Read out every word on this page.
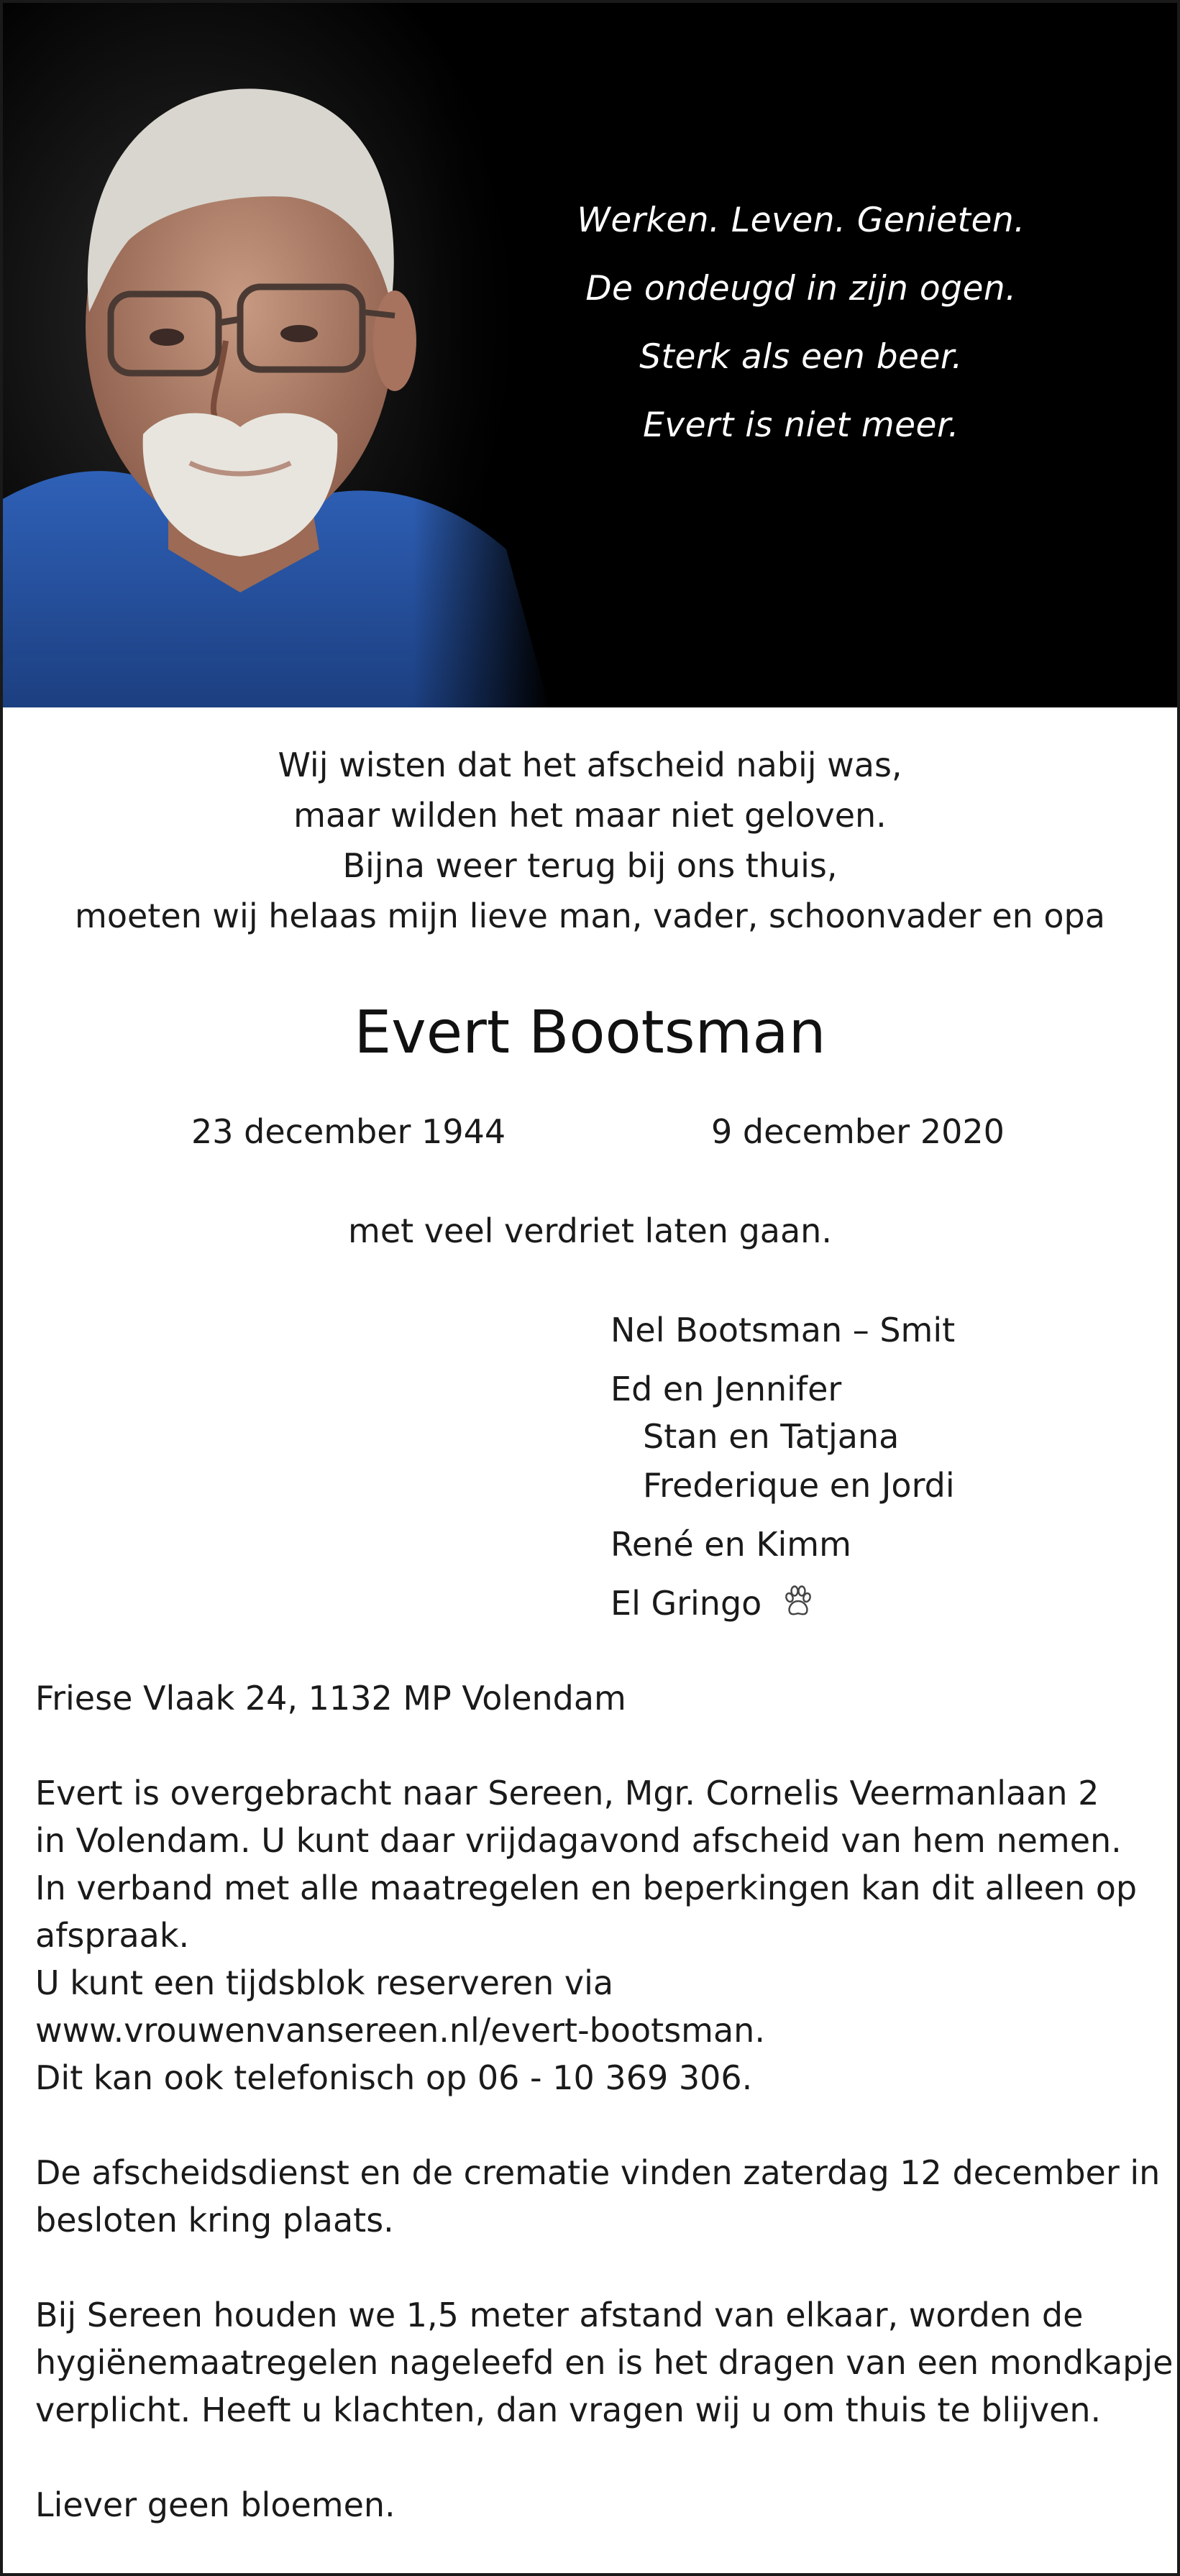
Werken. Leven. Genieten.
De ondeugd in zijn ogen.
Sterk als een beer.
Evert is niet meer.
Wij wisten dat het afscheid nabij was,
maar wilden het maar niet geloven.
Bijna weer terug bij ons thuis,
moeten wij helaas mijn lieve man, vader, schoonvader en opa
Evert Bootsman
23 december 1944	9 december 2020
met veel verdriet laten gaan.
Nel Bootsman – Smit
Ed en Jennifer
Stan en Tatjana
Frederique en Jordi
René en Kimm
El Gringo
Friese Vlaak 24, 1132 MP Volendam
Evert is overgebracht naar Sereen, Mgr. Cornelis Veermanlaan 2
in Volendam. U kunt daar vrijdagavond afscheid van hem nemen.
In verband met alle maatregelen en beperkingen kan dit alleen op
afspraak.
U kunt een tijdsblok reserveren via
www.vrouwenvansereen.nl/evert-bootsman.
Dit kan ook telefonisch op 06 - 10 369 306.
De afscheidsdienst en de crematie vinden zaterdag 12 december in
besloten kring plaats.
Bij Sereen houden we 1,5 meter afstand van elkaar, worden de
hygiënemaatregelen nageleefd en is het dragen van een mondkapje
verplicht. Heeft u klachten, dan vragen wij u om thuis te blijven.
Liever geen bloemen.
